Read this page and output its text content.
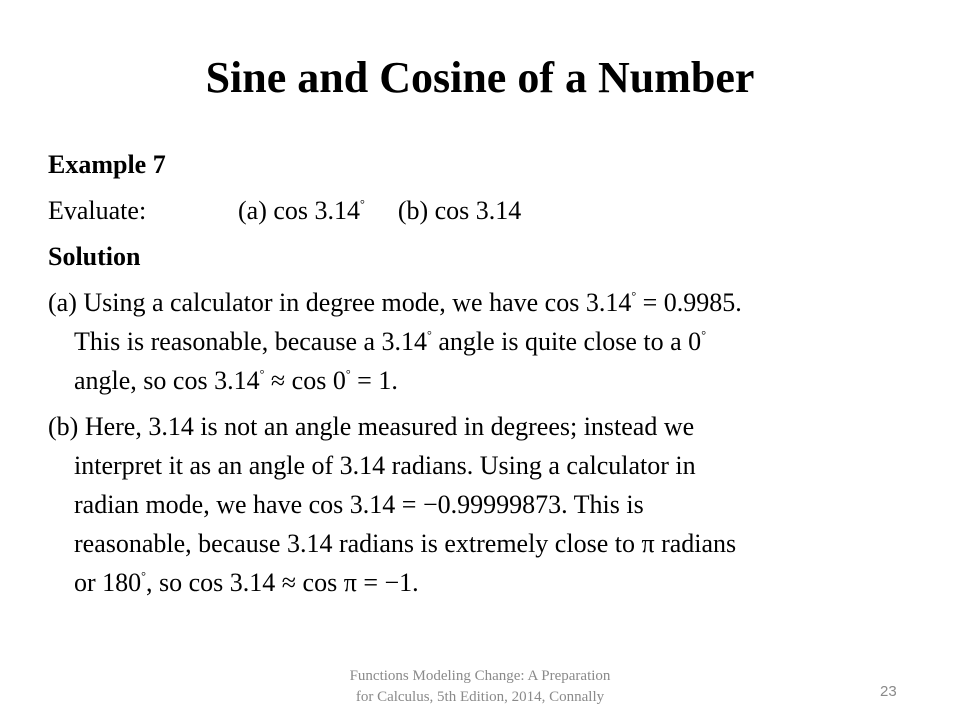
Sine and Cosine of a Number
Example 7
Evaluate:	(a) cos 3.14° (b) cos 3.14
Solution
(a) Using a calculator in degree mode, we have cos 3.14° = 0.9985.
This is reasonable, because a 3.14° angle is quite close to a 0°
angle, so cos 3.14° ≈ cos 0° = 1.
(b) Here, 3.14 is not an angle measured in degrees; instead we
interpret it as an angle of 3.14 radians. Using a calculator in
radian mode, we have cos 3.14 = −0.99999873. This is
reasonable, because 3.14 radians is extremely close to π radians
or 180°, so cos 3.14 ≈ cos π = −1.
Functions Modeling Change: A Preparation
for Calculus, 5th Edition, 2014, Connally	23
